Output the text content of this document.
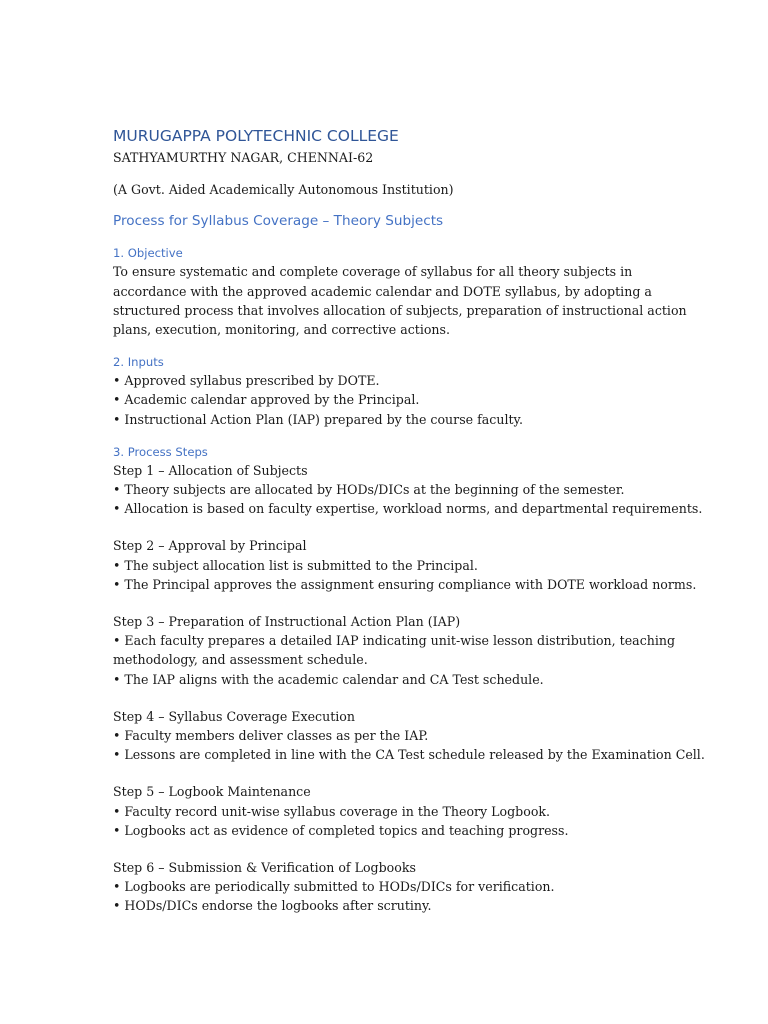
MURUGAPPA POLYTECHNIC COLLEGE

SATHYAMURTHY NAGAR, CHENNAI-62

(A Govt. Aided Academically Autonomous Institution)

Process for Syllabus Coverage – Theory Subjects

1. Objective

To ensure systematic and complete coverage of syllabus for all theory subjects in

accordance with the approved academic calendar and DOTE syllabus, by adopting a

structured process that involves allocation of subjects, preparation of instructional action

plans, execution, monitoring, and corrective actions.

2. Inputs

• Approved syllabus prescribed by DOTE.
• Academic calendar approved by the Principal.
• Instructional Action Plan (IAP) prepared by the course faculty.

3. Process Steps

Step 1 – Allocation of Subjects

• Theory subjects are allocated by HODs/DICs at the beginning of the semester.

• Allocation is based on faculty expertise, workload norms, and departmental requirements.

Step 2 – Approval by Principal

• The subject allocation list is submitted to the Principal.

• The Principal approves the assignment ensuring compliance with DOTE workload norms.

Step 3 – Preparation of Instructional Action Plan (IAP)

• Each faculty prepares a detailed IAP indicating unit-wise lesson distribution, teaching

methodology, and assessment schedule.

• The IAP aligns with the academic calendar and CA Test schedule.

Step 4 – Syllabus Coverage Execution

• Faculty members deliver classes as per the IAP.

• Lessons are completed in line with the CA Test schedule released by the Examination Cell.

Step 5 – Logbook Maintenance

• Faculty record unit-wise syllabus coverage in the Theory Logbook.

• Logbooks act as evidence of completed topics and teaching progress.

Step 6 – Submission & Verification of Logbooks

• Logbooks are periodically submitted to HODs/DICs for verification.

• HODs/DICs endorse the logbooks after scrutiny.
